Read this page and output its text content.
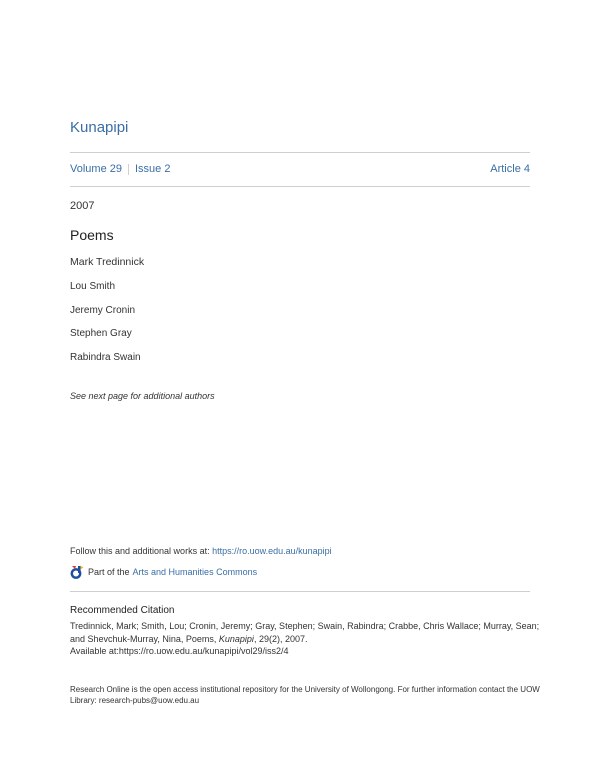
Kunapipi
Volume 29 Issue 2	Article 4
2007
Poems
Mark Tredinnick
Lou Smith
Jeremy Cronin
Stephen Gray
Rabindra Swain
See next page for additional authors
Follow this and additional works at: https://ro.uow.edu.au/kunapipi
Part of the Arts and Humanities Commons
Recommended Citation
Tredinnick, Mark; Smith, Lou; Cronin, Jeremy; Gray, Stephen; Swain, Rabindra; Crabbe, Chris Wallace; Murray, Sean; and Shevchuk-Murray, Nina, Poems, Kunapipi, 29(2), 2007.
Available at:https://ro.uow.edu.au/kunapipi/vol29/iss2/4
Research Online is the open access institutional repository for the University of Wollongong. For further information contact the UOW Library: research-pubs@uow.edu.au
